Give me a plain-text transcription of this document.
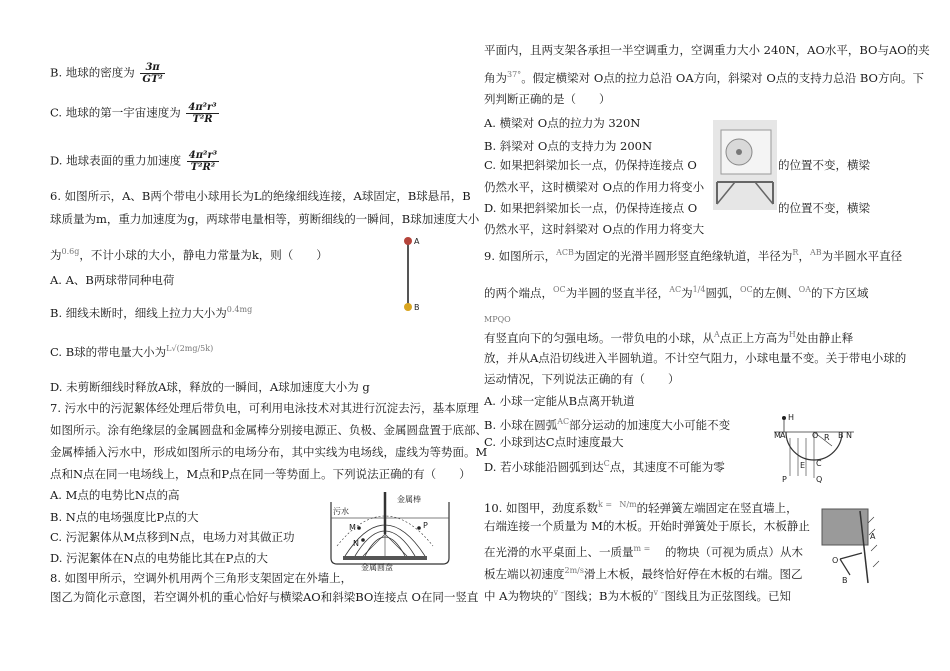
B. 地球的密度为 $\frac{3\pi}{\text{GT²}}$
C. 地球的第一宇宙速度为 $\frac{\text{4π²r³}}{\text{T²R}}$
D. 地球表面的重力加速度 $\frac{\text{4π²r³}}{\text{T²R²}}$
6. 如图所示，A、B两个带电小球用长为L的绝缘细线连接，A球固定，B球悬吊，B
球质量为m，重力加速度为g，两球带电量相等，剪断细线的一瞬间，B球加速度大小
为$^{0.6g}$，不计小球的大小，静电力常量为k，则（　　）
A. A、B两球带同种电荷
B. 细线未断时，细线上拉力大小为$^{0.4mg}$
C. B球的带电量大小为$^{L√(2mg/5k)}$
D. 未剪断细线时释放A球，释放的一瞬间，A球加速度大小为 g
A
B
7. 污水中的污泥絮体经处理后带负电，可利用电泳技术对其进行沉淀去污，基本原理
如图所示。涂有绝缘层的金属圆盘和金属棒分别接电源正、负极、金属圆盘置于底部、
金属棒插入污水中，形成如图所示的电场分布，其中实线为电场线，虚线为等势面。M
点和N点在同一电场线上，M点和P点在同一等势面上。下列说法正确的有（　　）
A. M点的电势比N点的高
B. N点的电场强度比P点的大
C. 污泥絮体从M点移到N点，电场力对其做正功
D. 污泥絮体在N点的电势能比其在P点的大
污水
金属棒
M
N
P
金属圆盘
8. 如图甲所示，空调外机用两个三角形支架固定在外墙上，
图乙为简化示意图，若空调外机的重心恰好与横梁AO和斜梁BO连接点 O在同一竖直
平面内，且两支架各承担一半空调重力，空调重力大小 240N，AO水平，BO与AO的夹
角为$^{37^\circ}$。假定横梁对 O点的拉力总沿 OA方向，斜梁对 O点的支持力总沿 BO方向。下
列判断正确的是（　　）
A. 横梁对 O点的拉力为 320N
B. 斜梁对 O点的支持力为 200N
C. 如果把斜梁加长一点，仍保持连接点 O	的位置不变，横梁
仍然水平，这时横梁对 O点的作用力将变小
D. 如果把斜梁加长一点，仍保持连接点 O	的位置不变，横梁
仍然水平，这时斜梁对 O点的作用力将变大
9. 如图所示，$^{ACB}$为固定的光滑半圆形竖直绝缘轨道，半径为$^R$，$^{AB}$为半圆水平直径
的两个端点，$^{OC}$为半圆的竖直半径，$^{AC}$为$^{1/4}$圆弧，$^{OC}$的左侧、$^{OA}$的下方区域
$^{MPQO}$
有竖直向下的匀强电场。一带负电的小球，从$^A$点正上方高为$^H$处由静止释
放，并从A点沿切线进入半圆轨道。不计空气阻力，小球电量不变。关于带电小球的
运动情况，下列说法正确的有（　　）
A. 小球一定能从B点离开轨道
B. 小球在圆弧$^{AC}$部分运动的加速度大小可能不变
C. 小球到达C点时速度最大
D. 若小球能沿圆弧到达$^C$点，其速度不可能为零
H
M A	O R B N
E C
P	Q
10. 如图甲，劲度系数$^{k =}$ $^{N/m}$的轻弹簧左端固定在竖直墙上，
右端连接一个质量为 M的木板。开始时弹簧处于原长，木板静止
在光滑的水平桌面上、一质量$^{m =}$ 的物块（可视为质点）从木
板左端以初速度$^{2m/s}$滑上木板，最终恰好停在木板的右端。图乙
中 A为物块的$^{v -}$图线；B为木板的$^{v -}$图线且为正弦图线。已知
A
O
B
